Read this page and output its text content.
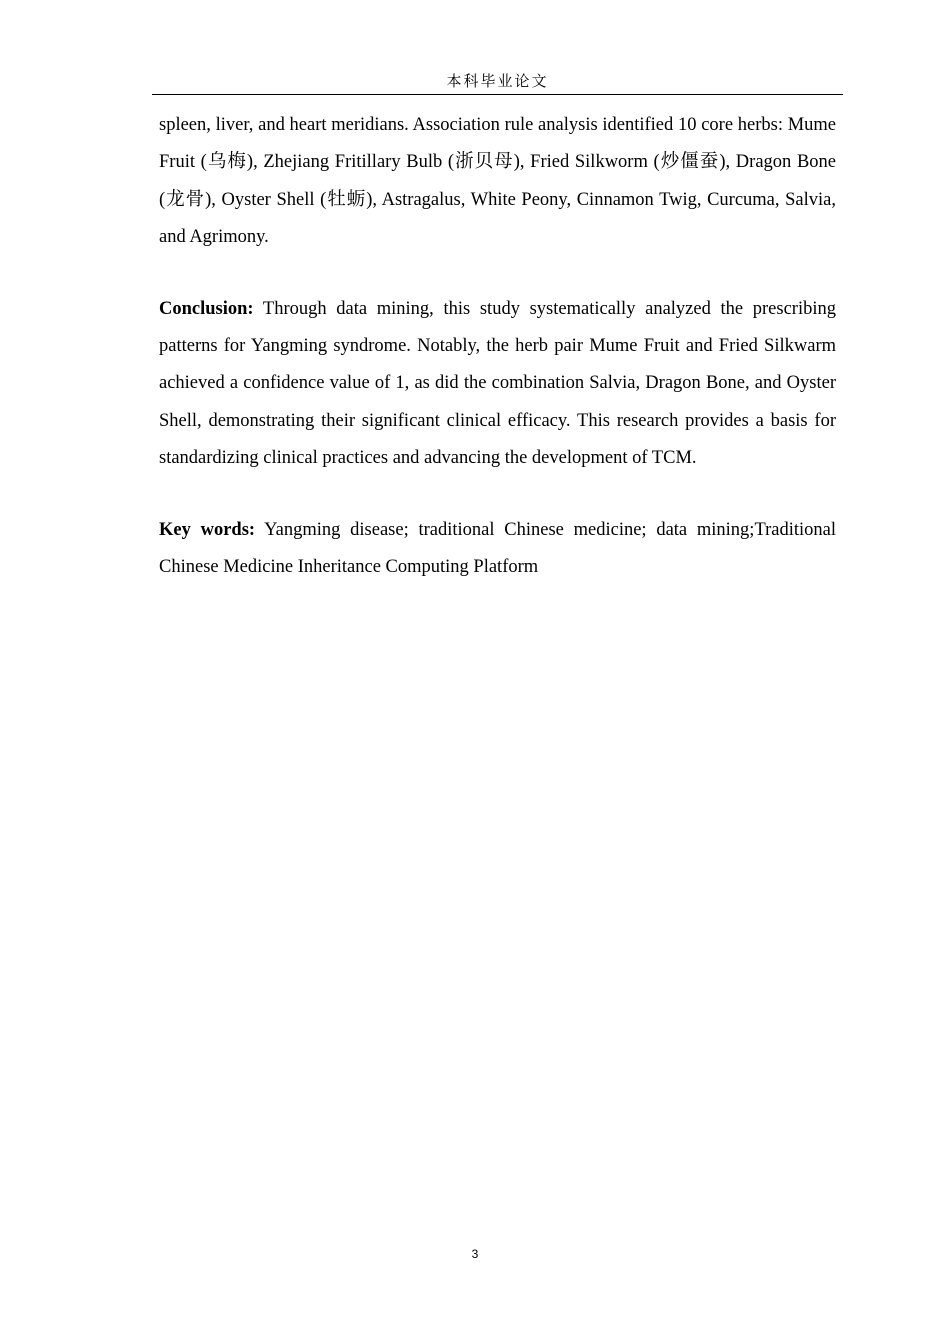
本科毕业论文

spleen, liver, and heart meridians. Association rule analysis identified 10 core herbs: Mume Fruit (乌梅), Zhejiang Fritillary Bulb (浙贝母), Fried Silkworm (炒僵蚕), Dragon Bone (龙骨), Oyster Shell (牡蛎), Astragalus, White Peony, Cinnamon Twig, Curcuma, Salvia, and Agrimony.

Conclusion: Through data mining, this study systematically analyzed the prescribing patterns for Yangming syndrome. Notably, the herb pair Mume Fruit and Fried Silkwarm achieved a confidence value of 1, as did the combination Salvia, Dragon Bone, and Oyster Shell, demonstrating their significant clinical efficacy. This research provides a basis for standardizing clinical practices and advancing the development of TCM.

Key words: Yangming disease; traditional Chinese medicine; data mining;Traditional Chinese Medicine Inheritance Computing Platform

3
